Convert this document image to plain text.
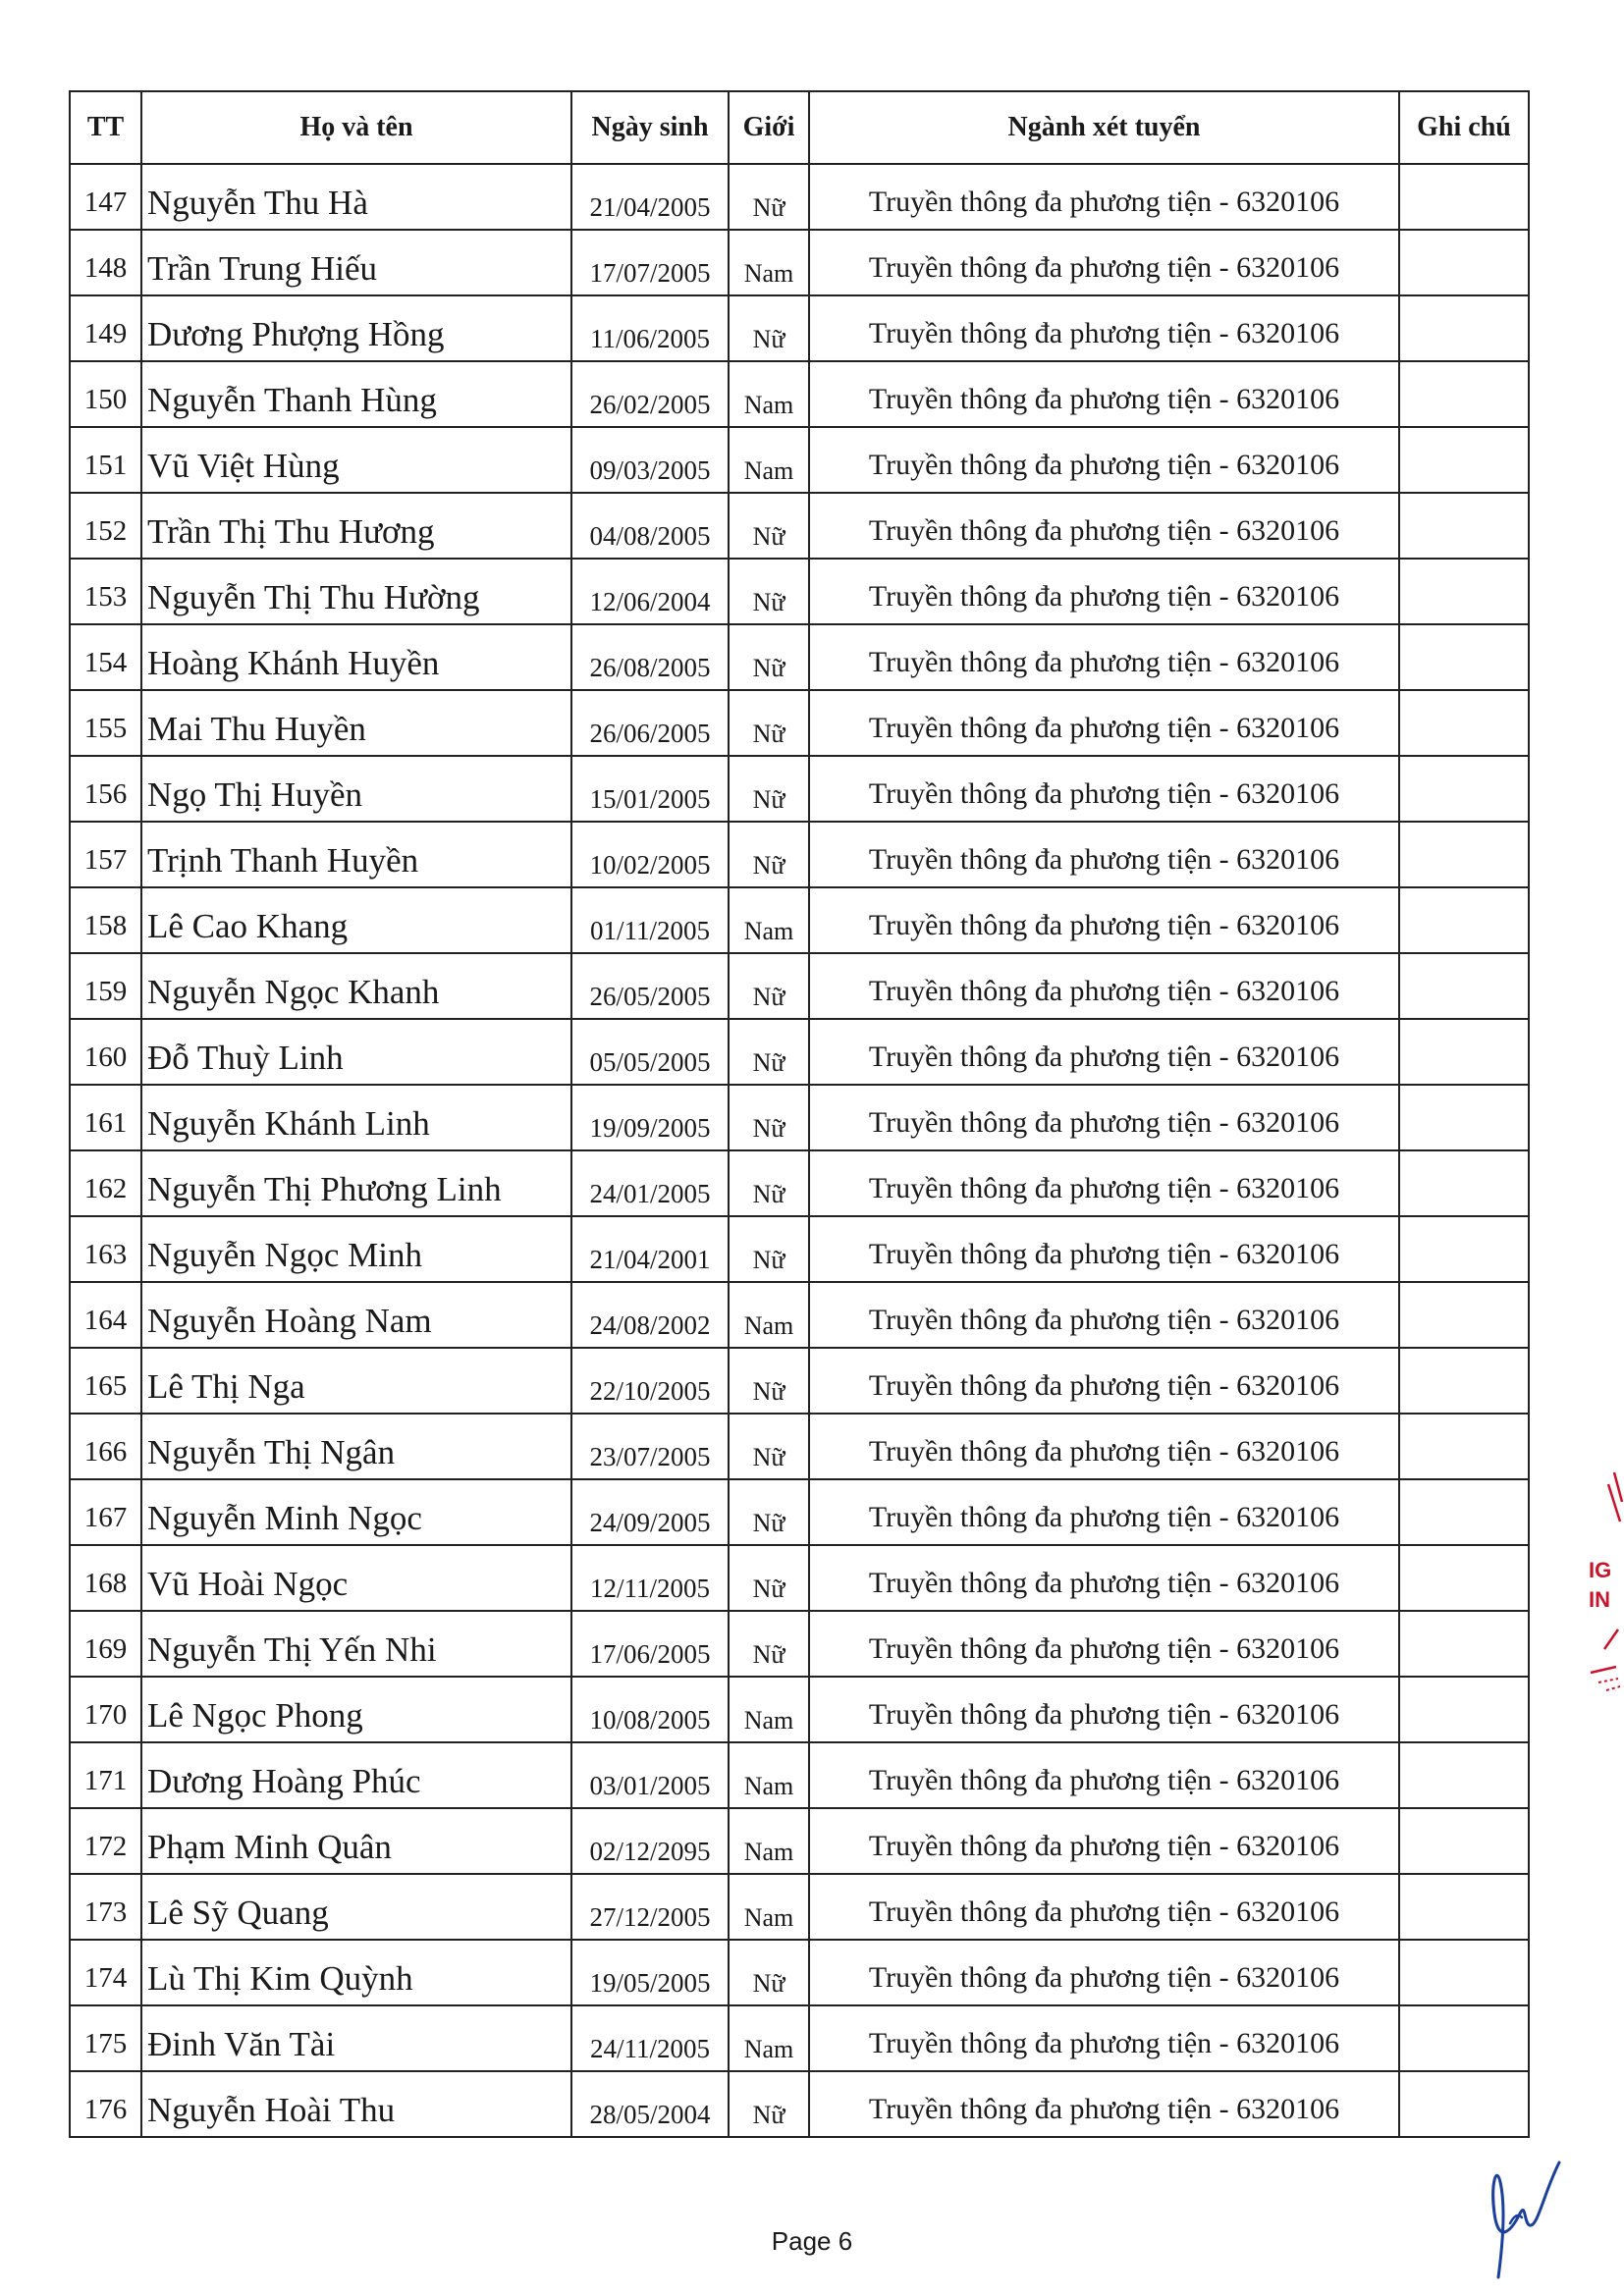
TT	Họ và tên	Ngày sinh	Giới	Ngành xét tuyển	Ghi chú
147	Nguyễn Thu Hà	21/04/2005	Nữ	Truyền thông đa phương tiện - 6320106	
148	Trần Trung Hiếu	17/07/2005	Nam	Truyền thông đa phương tiện - 6320106	
149	Dương Phượng Hồng	11/06/2005	Nữ	Truyền thông đa phương tiện - 6320106	
150	Nguyễn Thanh Hùng	26/02/2005	Nam	Truyền thông đa phương tiện - 6320106	
151	Vũ Việt Hùng	09/03/2005	Nam	Truyền thông đa phương tiện - 6320106	
152	Trần Thị Thu Hương	04/08/2005	Nữ	Truyền thông đa phương tiện - 6320106	
153	Nguyễn Thị Thu Hường	12/06/2004	Nữ	Truyền thông đa phương tiện - 6320106	
154	Hoàng Khánh Huyền	26/08/2005	Nữ	Truyền thông đa phương tiện - 6320106	
155	Mai Thu Huyền	26/06/2005	Nữ	Truyền thông đa phương tiện - 6320106	
156	Ngọ Thị Huyền	15/01/2005	Nữ	Truyền thông đa phương tiện - 6320106	
157	Trịnh Thanh Huyền	10/02/2005	Nữ	Truyền thông đa phương tiện - 6320106	
158	Lê Cao Khang	01/11/2005	Nam	Truyền thông đa phương tiện - 6320106	
159	Nguyễn Ngọc Khanh	26/05/2005	Nữ	Truyền thông đa phương tiện - 6320106	
160	Đỗ Thuỳ Linh	05/05/2005	Nữ	Truyền thông đa phương tiện - 6320106	
161	Nguyễn Khánh Linh	19/09/2005	Nữ	Truyền thông đa phương tiện - 6320106	
162	Nguyễn Thị Phương Linh	24/01/2005	Nữ	Truyền thông đa phương tiện - 6320106	
163	Nguyễn Ngọc Minh	21/04/2001	Nữ	Truyền thông đa phương tiện - 6320106	
164	Nguyễn Hoàng Nam	24/08/2002	Nam	Truyền thông đa phương tiện - 6320106	
165	Lê Thị Nga	22/10/2005	Nữ	Truyền thông đa phương tiện - 6320106	
166	Nguyễn Thị Ngân	23/07/2005	Nữ	Truyền thông đa phương tiện - 6320106	
167	Nguyễn Minh Ngọc	24/09/2005	Nữ	Truyền thông đa phương tiện - 6320106	
168	Vũ Hoài Ngọc	12/11/2005	Nữ	Truyền thông đa phương tiện - 6320106	
169	Nguyễn Thị Yến Nhi	17/06/2005	Nữ	Truyền thông đa phương tiện - 6320106	
170	Lê Ngọc Phong	10/08/2005	Nam	Truyền thông đa phương tiện - 6320106	
171	Dương Hoàng Phúc	03/01/2005	Nam	Truyền thông đa phương tiện - 6320106	
172	Phạm Minh Quân	02/12/2095	Nam	Truyền thông đa phương tiện - 6320106	
173	Lê Sỹ Quang	27/12/2005	Nam	Truyền thông đa phương tiện - 6320106	
174	Lù Thị Kim Quỳnh	19/05/2005	Nữ	Truyền thông đa phương tiện - 6320106	
175	Đinh Văn Tài	24/11/2005	Nam	Truyền thông đa phương tiện - 6320106	
176	Nguyễn Hoài Thu	28/05/2004	Nữ	Truyền thông đa phương tiện - 6320106	
Page 6
IG
IN
